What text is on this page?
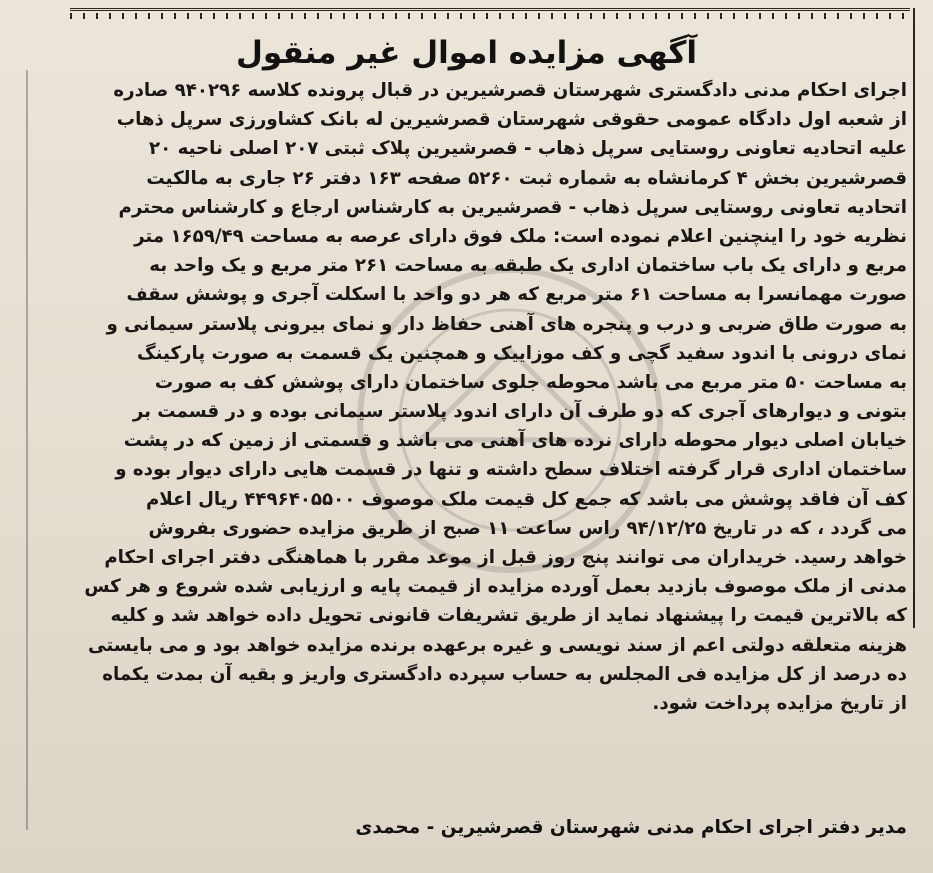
آگهی مزایده اموال غیر منقول
اجرای احکام مدنی دادگستری شهرستان قصرشیرین در قبال پرونده کلاسه ۹۴۰۲۹۶ صادره
از شعبه اول دادگاه عمومی حقوقی شهرستان قصرشیرین له بانک کشاورزی سرپل ذهاب
علیه اتحادیه تعاونی روستایی سرپل ذهاب - قصرشیرین پلاک ثبتی ۲۰۷ اصلی ناحیه ۲۰
قصرشیرین بخش ۴ کرمانشاه به شماره ثبت ۵۲۶۰ صفحه ۱۶۳ دفتر ۲۶ جاری به مالکیت
اتحادیه تعاونی روستایی سرپل ذهاب - قصرشیرین به کارشناس ارجاع و کارشناس محترم
نظریه خود را اینچنین اعلام نموده است: ملک فوق دارای عرصه به مساحت ۱۶۵۹/۴۹ متر
مربع و دارای یک باب ساختمان اداری یک طبقه به مساحت ۲۶۱ متر مربع و یک واحد به
صورت مهمانسرا به مساحت ۶۱ متر مربع که هر دو واحد با اسکلت آجری و پوشش سقف
به صورت طاق ضربی و درب و پنجره های آهنی حفاظ دار و نمای بیرونی پلاستر سیمانی و
نمای درونی با اندود سفید گچی و کف موزاییک و همچنین یک قسمت به صورت پارکینگ
به مساحت ۵۰ متر مربع می باشد محوطه جلوی ساختمان دارای پوشش کف به صورت
بتونی و دیوارهای آجری که دو طرف آن دارای اندود پلاستر سیمانی بوده و در قسمت بر
خیابان اصلی دیوار محوطه دارای نرده های آهنی می باشد و قسمتی از زمین که در پشت
ساختمان اداری قرار گرفته اختلاف سطح داشته و تنها در قسمت هایی دارای دیوار بوده و
کف آن فاقد پوشش می باشد که جمع کل قیمت ملک موصوف ۴۴۹۶۴۰۵۵۰۰ ریال اعلام
می گردد ، که در تاریخ ۹۴/۱۲/۲۵ راس ساعت ۱۱ صبح از طریق مزایده حضوری بفروش
خواهد رسید. خریداران می توانند پنج روز قبل از موعد مقرر با هماهنگی دفتر اجرای احکام
مدنی از ملک موصوف بازدید بعمل آورده مزایده از قیمت پایه و ارزیابی شده شروع و هر کس
که بالاترین قیمت را پیشنهاد نماید از طریق تشریفات قانونی تحویل داده خواهد شد و کلیه
هزینه متعلقه دولتی اعم از سند نویسی و غیره برعهده برنده مزایده خواهد بود و می بایستی
ده درصد از کل مزایده فی المجلس به حساب سپرده دادگستری واریز و بقیه آن بمدت یکماه
از تاریخ مزایده پرداخت شود.
مدیر دفتر اجرای احکام مدنی شهرستان قصرشیرین - محمدی
